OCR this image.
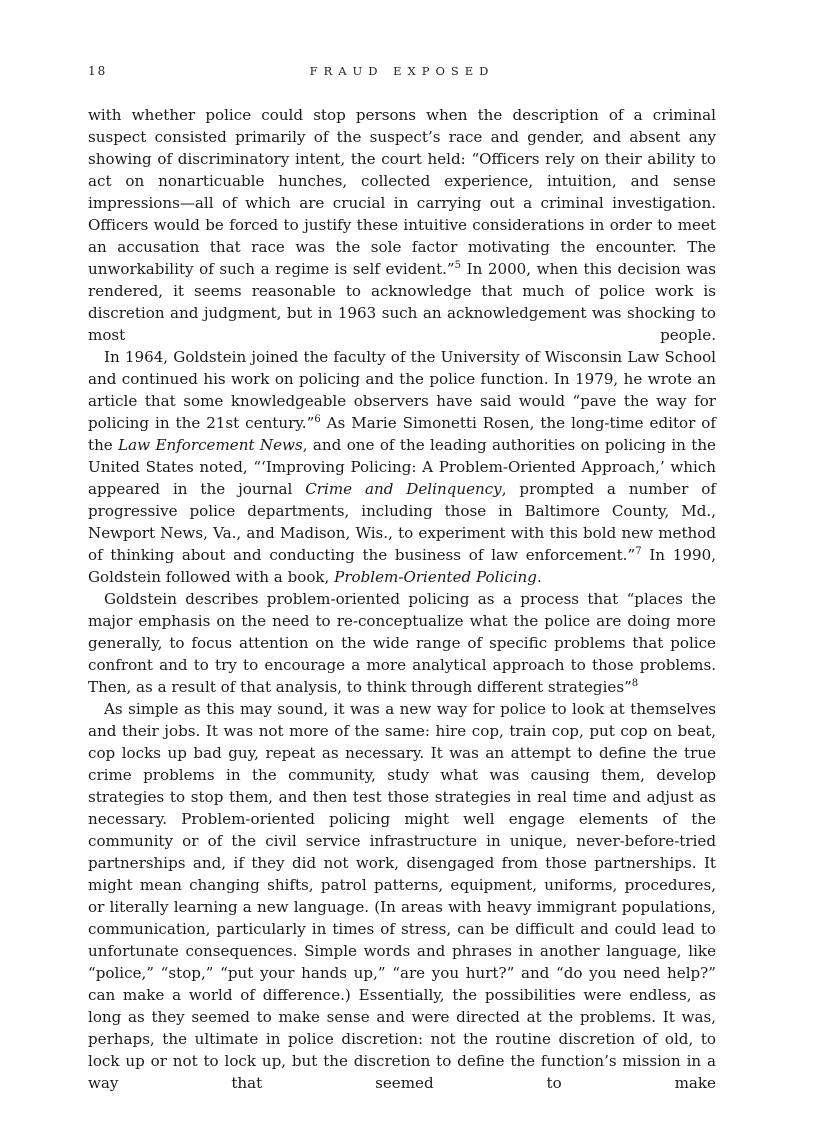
18	FRAUD EXPOSED

with whether police could stop persons when the description of a criminal suspect consisted primarily of the suspect’s race and gender, and absent any showing of discriminatory intent, the court held: “Officers rely on their ability to act on nonarticuable hunches, collected experience, intuition, and sense impressions—all of which are crucial in carrying out a criminal investigation. Officers would be forced to justify these intuitive considerations in order to meet an accusation that race was the sole factor motivating the encounter. The unworkability of such a regime is self evident.”$^5$ In 2000, when this decision was rendered, it seems reasonable to acknowledge that much of police work is discretion and judgment, but in 1963 such an acknowledgement was shocking to most people.

In 1964, Goldstein joined the faculty of the University of Wisconsin Law School and continued his work on policing and the police function. In 1979, he wrote an article that some knowledgeable observers have said would “pave the way for policing in the 21st century.”$^6$ As Marie Simonetti Rosen, the long-time editor of the Law Enforcement News, and one of the leading authorities on policing in the United States noted, “‘Improving Policing: A Problem-Oriented Approach,’ which appeared in the journal Crime and Delinquency, prompted a number of progressive police departments, including those in Baltimore County, Md., Newport News, Va., and Madison, Wis., to experiment with this bold new method of thinking about and conducting the business of law enforcement.”$^7$ In 1990, Goldstein followed with a book, Problem-Oriented Policing.

Goldstein describes problem-oriented policing as a process that “places the major emphasis on the need to re-conceptualize what the police are doing more generally, to focus attention on the wide range of specific problems that police confront and to try to encourage a more analytical approach to those problems. Then, as a result of that analysis, to think through different strategies”$^8$

As simple as this may sound, it was a new way for police to look at themselves and their jobs. It was not more of the same: hire cop, train cop, put cop on beat, cop locks up bad guy, repeat as necessary. It was an attempt to define the true crime problems in the community, study what was causing them, develop strategies to stop them, and then test those strategies in real time and adjust as necessary. Problem-oriented policing might well engage elements of the community or of the civil service infrastructure in unique, never-before-tried partnerships and, if they did not work, disengaged from those partnerships. It might mean changing shifts, patrol patterns, equipment, uniforms, procedures, or literally learning a new language. (In areas with heavy immigrant populations, communication, particularly in times of stress, can be difficult and could lead to unfortunate consequences. Simple words and phrases in another language, like “police,” “stop,” “put your hands up,” “are you hurt?” and “do you need help?” can make a world of difference.) Essentially, the possibilities were endless, as long as they seemed to make sense and were directed at the problems. It was, perhaps, the ultimate in police discretion: not the routine discretion of old, to lock up or not to lock up, but the discretion to define the function’s mission in a way that seemed to make
